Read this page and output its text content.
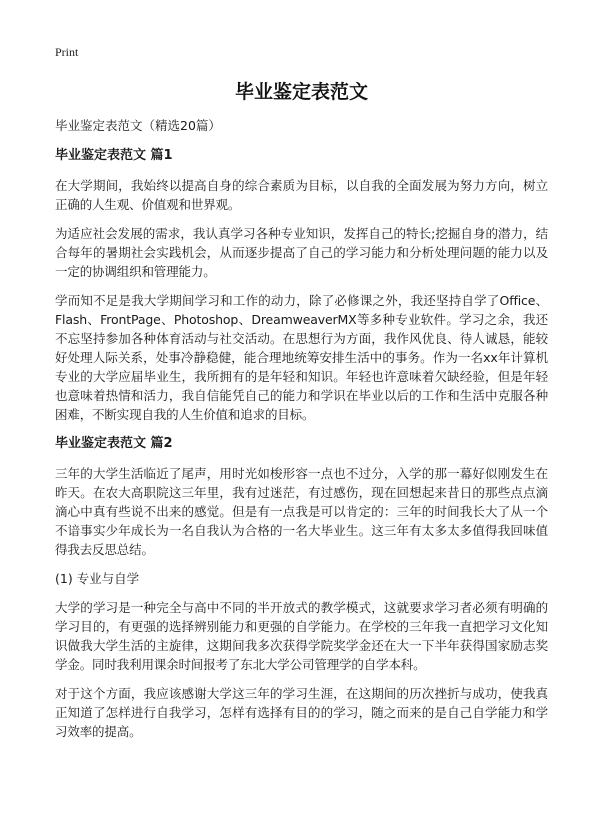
Print
毕业鉴定表范文
毕业鉴定表范文（精选20篇）
毕业鉴定表范文 篇1

在大学期间，我始终以提高自身的综合素质为目标，以自我的全面发展为努力方向，树立正确的人生观、价值观和世界观。

为适应社会发展的需求，我认真学习各种专业知识，发挥自己的特长;挖掘自身的潜力，结合每年的暑期社会实践机会，从而逐步提高了自己的学习能力和分析处理问题的能力以及一定的协调组织和管理能力。

学而知不足是我大学期间学习和工作的动力，除了必修课之外，我还坚持自学了Office、Flash、FrontPage、Photoshop、DreamweaverMX等多种专业软件。学习之余，我还不忘坚持参加各种体育活动与社交活动。在思想行为方面，我作风优良、待人诚恳，能较好处理人际关系，处事冷静稳健，能合理地统筹安排生活中的事务。作为一名xx年计算机专业的大学应届毕业生，我所拥有的是年轻和知识。年轻也许意味着欠缺经验，但是年轻也意味着热情和活力，我自信能凭自己的能力和学识在毕业以后的工作和生活中克服各种困难，不断实现自我的人生价值和追求的目标。

毕业鉴定表范文 篇2

三年的大学生活临近了尾声，用时光如梭形容一点也不过分，入学的那一幕好似刚发生在昨天。在农大高职院这三年里，我有过迷茫，有过感伤，现在回想起来昔日的那些点点滴滴心中真有些说不出来的感觉。但是有一点我是可以肯定的：三年的时间我长大了从一个不谙事实少年成长为一名自我认为合格的一名大毕业生。这三年有太多太多值得我回味值得我去反思总结。

(1) 专业与自学

大学的学习是一种完全与高中不同的半开放式的教学模式，这就要求学习者必须有明确的学习目的，有更强的选择辨别能力和更强的自学能力。在学校的三年我一直把学习文化知识做我大学生活的主旋律，这期间我多次获得学院奖学金还在大一下半年获得国家励志奖学金。同时我利用课余时间报考了东北大学公司管理学的自学本科。

对于这个方面，我应该感谢大学这三年的学习生涯，在这期间的历次挫折与成功，使我真正知道了怎样进行自我学习，怎样有选择有目的的学习，随之而来的是自己自学能力和学习效率的提高。
